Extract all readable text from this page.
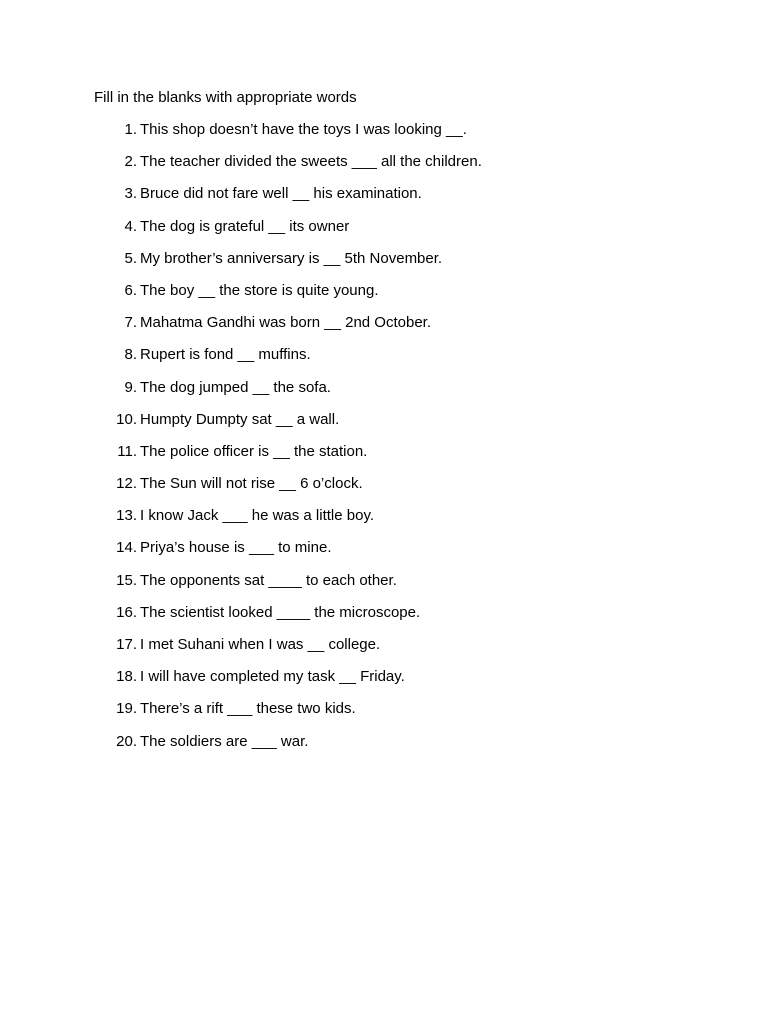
Fill in the blanks with appropriate words
1. This shop doesn’t have the toys I was looking __.
2. The teacher divided the sweets ___ all the children.
3. Bruce did not fare well __ his examination.
4. The dog is grateful __ its owner
5. My brother’s anniversary is __ 5th November.
6. The boy __ the store is quite young.
7. Mahatma Gandhi was born __ 2nd October.
8. Rupert is fond __ muffins.
9. The dog jumped __ the sofa.
10. Humpty Dumpty sat __ a wall.
11. The police officer is __ the station.
12. The Sun will not rise __ 6 o’clock.
13. I know Jack ___ he was a little boy.
14. Priya’s house is ___ to mine.
15. The opponents sat ____ to each other.
16. The scientist looked ____ the microscope.
17. I met Suhani when I was __ college.
18. I will have completed my task __ Friday.
19. There’s a rift ___ these two kids.
20. The soldiers are ___ war.
